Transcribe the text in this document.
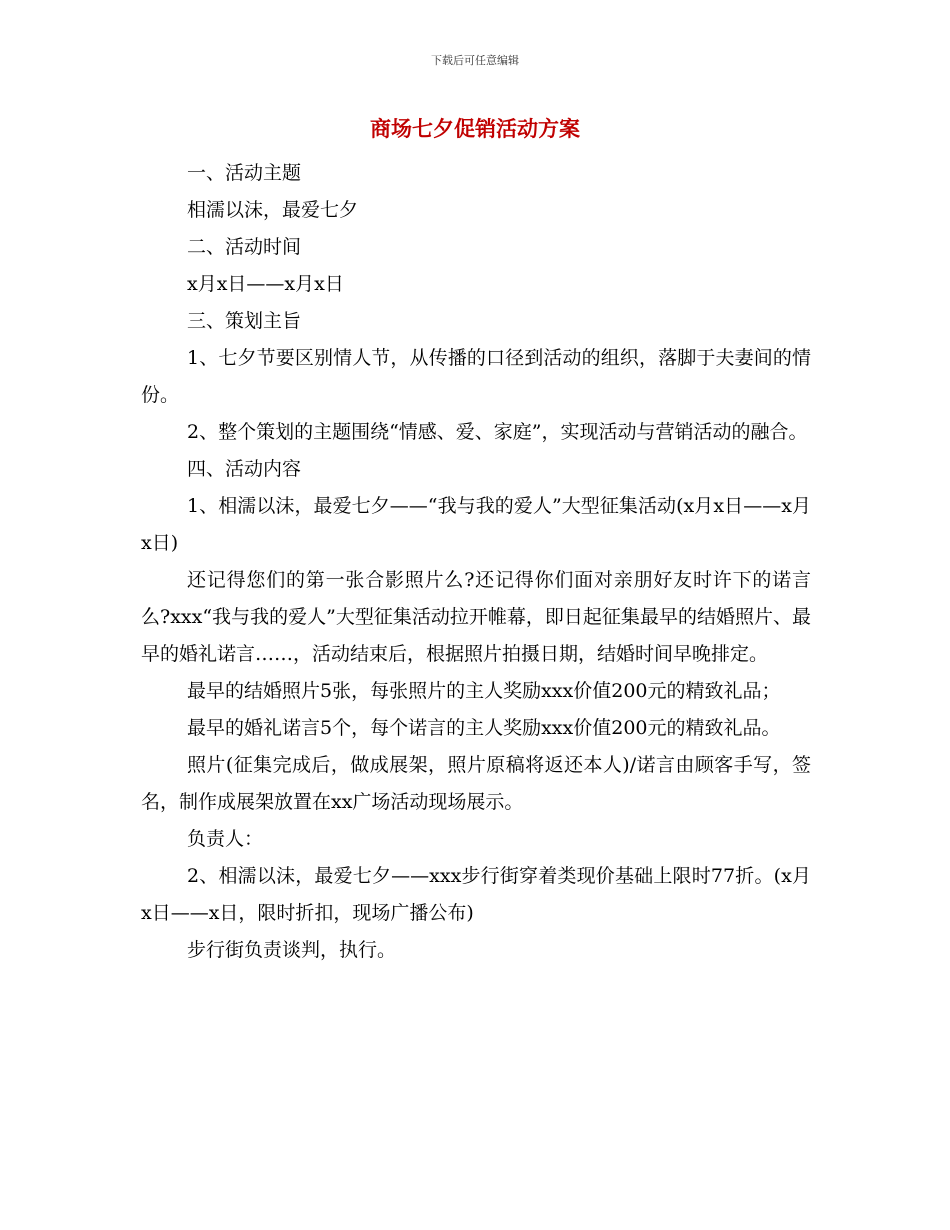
下载后可任意编辑
商场七夕促销活动方案

一、活动主题

相濡以沫，最爱七夕

二、活动时间

x月x日——x月x日

三、策划主旨

1、七夕节要区别情人节，从传播的口径到活动的组织，落脚于夫妻间的情份。

2、整个策划的主题围绕“情感、爱、家庭”，实现活动与营销活动的融合。

四、活动内容

1、相濡以沫，最爱七夕——“我与我的爱人”大型征集活动(x月x日——x月x日)

还记得您们的第一张合影照片么?还记得你们面对亲朋好友时许下的诺言么?xxx“我与我的爱人”大型征集活动拉开帷幕，即日起征集最早的结婚照片、最早的婚礼诺言……，活动结束后，根据照片拍摄日期，结婚时间早晚排定。

最早的结婚照片5张，每张照片的主人奖励xxx价值200元的精致礼品；

最早的婚礼诺言5个，每个诺言的主人奖励xxx价值200元的精致礼品。

照片(征集完成后，做成展架，照片原稿将返还本人)/诺言由顾客手写，签名，制作成展架放置在xx广场活动现场展示。

负责人：

2、相濡以沫，最爱七夕——xxx步行街穿着类现价基础上限时77折。(x月x日——x日，限时折扣，现场广播公布)

步行街负责谈判，执行。
